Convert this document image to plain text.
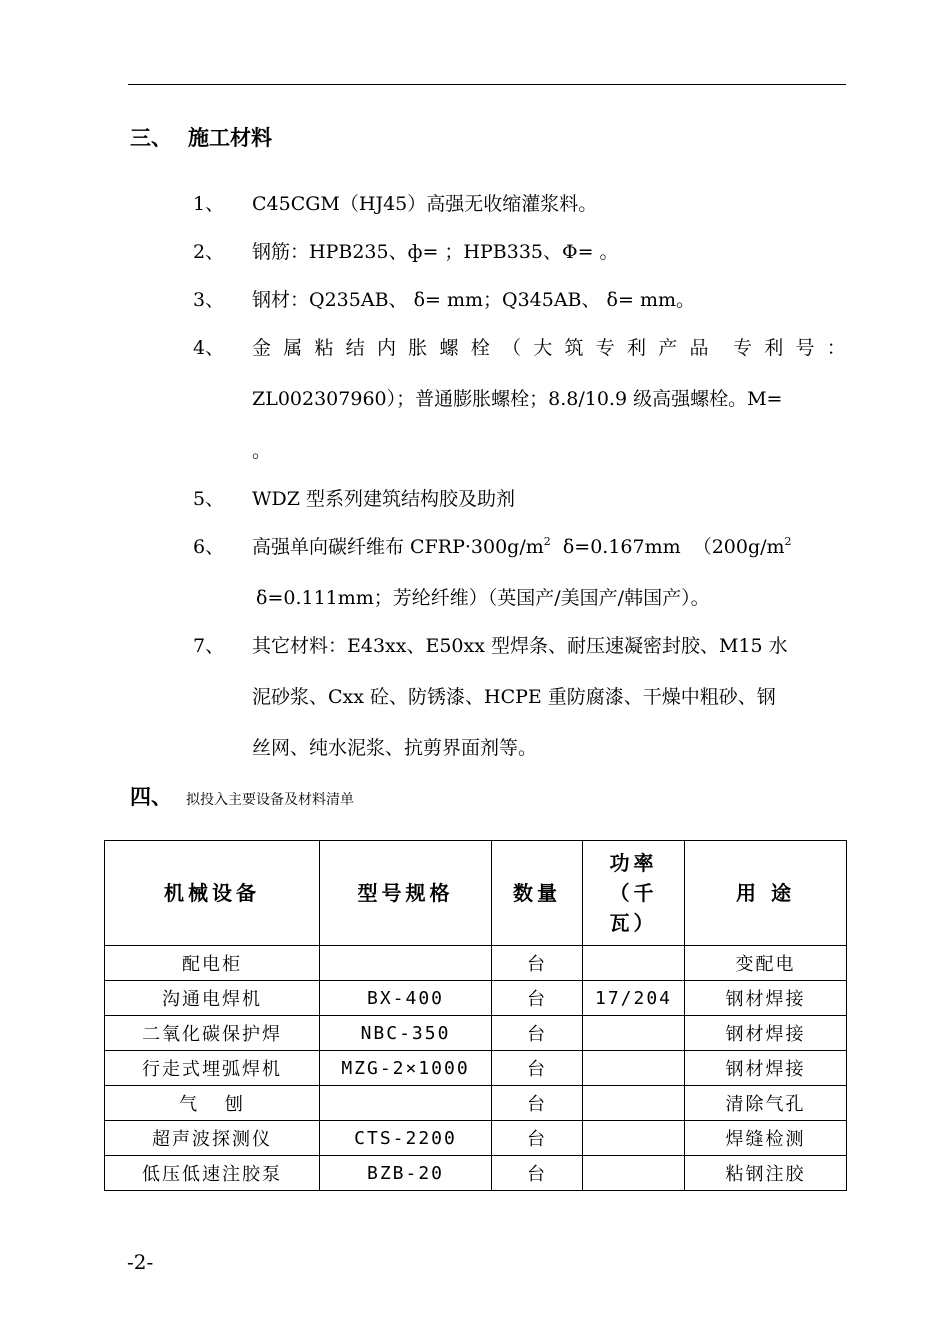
三、 施工材料
1、	C45CGM（HJ45）高强无收缩灌浆料。
2、	钢筋：HPB235、ф= ；HPB335、Φ= 。
3、	钢材：Q235AB、 δ= mm；Q345AB、 δ= mm。
4、	金 属 粘 结 内 胀 螺 栓 （ 大 筑 专 利 产 品 专 利 号 ：
ZL002307960）；普通膨胀螺栓；8.8/10.9 级高强螺栓。M=
。
5、	WDZ 型系列建筑结构胶及助剂
6、	高强单向碳纤维布 $CFRP\cdot 300g/m^2$  δ=0.167mm  （$200g/m^2$
δ=0.111mm；芳纶纤维）（英国产/美国产/韩国产）。
7、	其它材料：E43xx、E50xx 型焊条、耐压速凝密封胶、M15 水
泥砂浆、Cxx 砼、防锈漆、HCPE 重防腐漆、干燥中粗砂、钢
丝网、纯水泥浆、抗剪界面剂等。
四、 拟投入主要设备及材料清单
机械设备	型号规格	数量	功率（千瓦）	用 途
配电柜		台		变配电
沟通电焊机	BX-400	台	17/204	钢材焊接
二氧化碳保护焊	NBC-350	台		钢材焊接
行走式埋弧焊机	MZG-2×1000	台		钢材焊接
气  刨		台		清除气孔
超声波探测仪	CTS-2200	台		焊缝检测
低压低速注胶泵	BZB-20	台		粘钢注胶
-2-
